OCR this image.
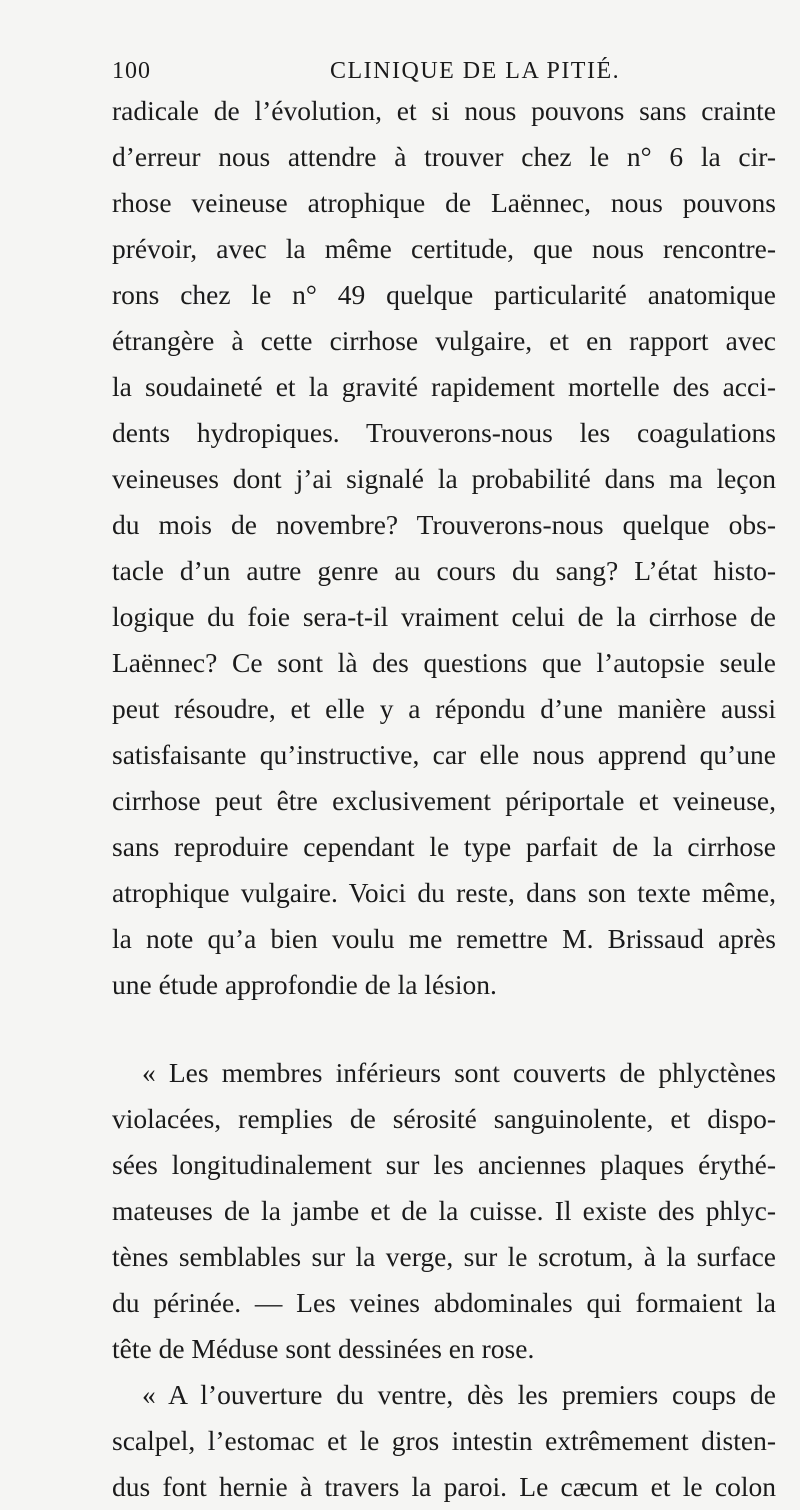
100	CLINIQUE DE LA PITIÉ.
radicale de l’évolution, et si nous pouvons sans crainte
d’erreur nous attendre à trouver chez le n° 6 la cir-
rhose veineuse atrophique de Laënnec, nous pouvons
prévoir, avec la même certitude, que nous rencontre-
rons chez le n° 49 quelque particularité anatomique
étrangère à cette cirrhose vulgaire, et en rapport avec
la soudaineté et la gravité rapidement mortelle des acci-
dents hydropiques. Trouverons-nous les coagulations
veineuses dont j’ai signalé la probabilité dans ma leçon
du mois de novembre? Trouverons-nous quelque obs-
tacle d’un autre genre au cours du sang? L’état histo-
logique du foie sera-t-il vraiment celui de la cirrhose de
Laënnec? Ce sont là des questions que l’autopsie seule
peut résoudre, et elle y a répondu d’une manière aussi
satisfaisante qu’instructive, car elle nous apprend qu’une
cirrhose peut être exclusivement périportale et veineuse,
sans reproduire cependant le type parfait de la cirrhose
atrophique vulgaire. Voici du reste, dans son texte même,
la note qu’a bien voulu me remettre M. Brissaud après
une étude approfondie de la lésion.
« Les membres inférieurs sont couverts de phlyctènes
violacées, remplies de sérosité sanguinolente, et dispo-
sées longitudinalement sur les anciennes plaques érythé-
mateuses de la jambe et de la cuisse. Il existe des phlyc-
tènes semblables sur la verge, sur le scrotum, à la surface
du périnée. — Les veines abdominales qui formaient la
tête de Méduse sont dessinées en rose.
« A l’ouverture du ventre, dès les premiers coups de
scalpel, l’estomac et le gros intestin extrêmement disten-
dus font hernie à travers la paroi. Le cæcum et le colon
